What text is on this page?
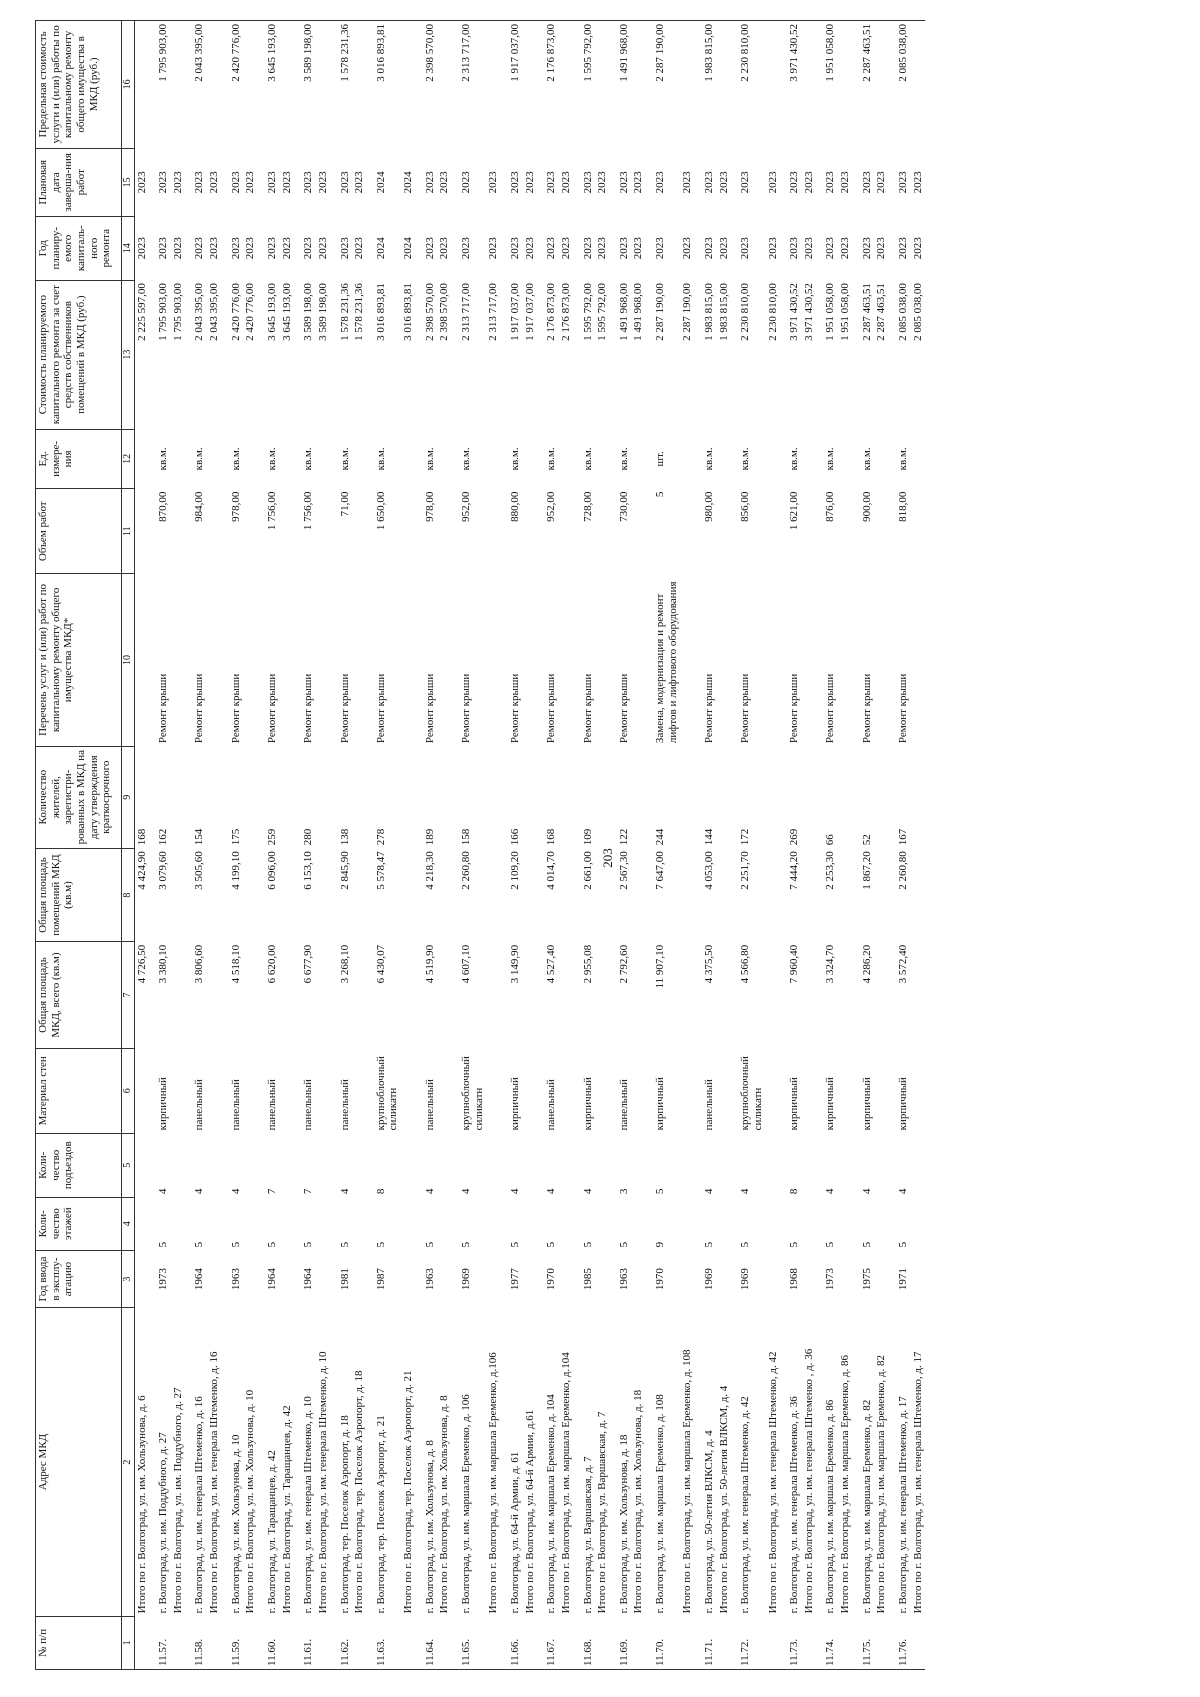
203
№ п/п	Адрес МКД	Год ввода в эксплу-атацию	Коли-чество этажей	Коли-чество подъездов	Материал стен	Общая площадь МКД, всего (кв.м)	Общая площадь помещений МКД (кв.м)	Количество жителей, зарегистри-рованных в МКД на дату утверждения краткосрочного	Перечень услуг и (или) работ по капитальному ремонту общего имущества МКД*	Объем работ	Ед. измере-ния	Стоимость планируемого капитального ремонта за счет средств собственников помещений в МКД (руб.)	Год планиру-емого капиталь-ного ремонта	Плановая дата заверша-ния работ	Предельная стоимость услуги и (или) работы по капитальному ремонту общего имущества в МКД (руб.)
1	2	3	4	5	6	7	8	9	10	11	12	13	14	15	16
	Итого по г. Волгоград, ул. им. Хользунова, д. 6					4 726,50	4 424,90	168				2 225 597,00	2023	2023	
11.57.	г. Волгоград, ул. им. Поддубного, д. 27	1973	5	4	кирпичный	3 380,10	3 079,60	162	Ремонт крыши	870,00	кв.м.	1 795 903,00	2023	2023	1 795 903,00
	Итого по г. Волгоград, ул. им. Поддубного, д. 27											1 795 903,00	2023	2023	
11.58.	г. Волгоград, ул. им. генерала Штеменко, д. 16	1964	5	4	панельный	3 806,60	3 505,60	154	Ремонт крыши	984,00	кв.м.	2 043 395,00	2023	2023	2 043 395,00
	Итого по г. Волгоград, ул. им. генерала Штеменко, д. 16											2 043 395,00	2023	2023	
11.59.	г. Волгоград, ул. им. Хользунова, д. 10	1963	5	4	панельный	4 518,10	4 199,10	175	Ремонт крыши	978,00	кв.м.	2 420 776,00	2023	2023	2 420 776,00
	Итого по г. Волгоград, ул. им. Хользунова, д. 10											2 420 776,00	2023	2023	
11.60.	г. Волгоград, ул. Таращанцев, д. 42	1964	5	7	панельный	6 620,00	6 096,00	259	Ремонт крыши	1 756,00	кв.м.	3 645 193,00	2023	2023	3 645 193,00
	Итого по г. Волгоград, ул. Таращанцев, д. 42											3 645 193,00	2023	2023	
11.61.	г. Волгоград, ул. им. генерала Штеменко, д. 10	1964	5	7	панельный	6 677,90	6 153,10	280	Ремонт крыши	1 756,00	кв.м.	3 589 198,00	2023	2023	3 589 198,00
	Итого по г. Волгоград, ул. им. генерала Штеменко, д. 10											3 589 198,00	2023	2023	
11.62.	г. Волгоград, тер. Поселок Аэропорт, д. 18	1981	5	4	панельный	3 268,10	2 845,90	138	Ремонт крыши	71,00	кв.м.	1 578 231,36	2023	2023	1 578 231,36
	Итого по г. Волгоград, тер. Поселок Аэропорт, д. 18											1 578 231,36	2023	2023	
11.63.	г. Волгоград, тер. Поселок Аэропорт, д. 21	1987	5	8	крупноблочный силикатн	6 430,07	5 578,47	278	Ремонт крыши	1 650,00	кв.м.	3 016 893,81	2024	2024	3 016 893,81
	Итого по г. Волгоград, тер. Поселок Аэропорт, д. 21											3 016 893,81	2024	2024	
11.64.	г. Волгоград, ул. им. Хользунова, д. 8	1963	5	4	панельный	4 519,90	4 218,30	189	Ремонт крыши	978,00	кв.м.	2 398 570,00	2023	2023	2 398 570,00
	Итого по г. Волгоград, ул. им. Хользунова, д. 8											2 398 570,00	2023	2023	
11.65.	г. Волгоград, ул. им. маршала Еременко, д. 106	1969	5	4	крупноблочный силикатн	4 607,10	2 260,80	158	Ремонт крыши	952,00	кв.м.	2 313 717,00	2023	2023	2 313 717,00
	Итого по г. Волгоград, ул. им. маршала Еременко, д.106											2 313 717,00	2023	2023	
11.66.	г. Волгоград, ул. 64-й Армии, д. 61	1977	5	4	кирпичный	3 149,90	2 109,20	166	Ремонт крыши	880,00	кв.м.	1 917 037,00	2023	2023	1 917 037,00
	Итого по г. Волгоград, ул. 64-й Армии, д.61											1 917 037,00	2023	2023	
11.67.	г. Волгоград, ул. им. маршала Еременко, д. 104	1970	5	4	панельный	4 527,40	4 014,70	168	Ремонт крыши	952,00	кв.м.	2 176 873,00	2023	2023	2 176 873,00
	Итого по г. Волгоград, ул. им. маршала Еременко, д.104											2 176 873,00	2023	2023	
11.68.	г. Волгоград, ул. Варшавская, д. 7	1985	5	4	кирпичный	2 955,08	2 661,00	109	Ремонт крыши	728,00	кв.м.	1 595 792,00	2023	2023	1 595 792,00
	Итого по г. Волгоград, ул. Варшавская, д. 7											1 595 792,00	2023	2023	
11.69.	г. Волгоград, ул. им. Хользунова, д. 18	1963	5	3	панельный	2 792,60	2 567,30	122	Ремонт крыши	730,00	кв.м.	1 491 968,00	2023	2023	1 491 968,00
	Итого по г. Волгоград, ул. им. Хользунова, д. 18											1 491 968,00	2023	2023	
11.70.	г. Волгоград, ул. им. маршала Еременко, д. 108	1970	9	5	кирпичный	11 907,10	7 647,00	244	Замена, модернизация и ремонт лифтов и лифтового оборудования	5	шт.	2 287 190,00	2023	2023	2 287 190,00
	Итого по г. Волгоград, ул. им. маршала Еременко, д. 108											2 287 190,00	2023	2023	
11.71.	г. Волгоград, ул. 50-летия ВЛКСМ, д. 4	1969	5	4	панельный	4 375,50	4 053,00	144	Ремонт крыши	980,00	кв.м.	1 983 815,00	2023	2023	1 983 815,00
	Итого по г. Волгоград, ул. 50-летия ВЛКСМ, д. 4											1 983 815,00	2023	2023	
11.72.	г. Волгоград, ул. им. генерала Штеменко, д. 42	1969	5	4	крупноблочный силикатн	4 566,80	2 251,70	172	Ремонт крыши	856,00	кв.м.	2 230 810,00	2023	2023	2 230 810,00
	Итого по г. Волгоград, ул. им. генерала Штеменко, д. 42											2 230 810,00	2023	2023	
11.73.	г. Волгоград, ул. им. генерала Штеменко, д. 36	1968	5	8	кирпичный	7 960,40	7 444,20	269	Ремонт крыши	1 621,00	кв.м.	3 971 430,52	2023	2023	3 971 430,52
	Итого по г. Волгоград, ул. им. генерала Штеменко , д. 36											3 971 430,52	2023	2023	
11.74.	г. Волгоград, ул. им. маршала Еременко, д. 86	1973	5	4	кирпичный	3 324,70	2 253,30	66	Ремонт крыши	876,00	кв.м.	1 951 058,00	2023	2023	1 951 058,00
	Итого по г. Волгоград, ул. им. маршала Еременко, д. 86											1 951 058,00	2023	2023	
11.75.	г. Волгоград, ул. им. маршала Еременко, д. 82	1975	5	4	кирпичный	4 286,20	1 867,20	52	Ремонт крыши	900,00	кв.м.	2 287 463,51	2023	2023	2 287 463,51
	Итого по г. Волгоград, ул. им. маршала Еременко, д. 82											2 287 463,51	2023	2023	
11.76.	г. Волгоград, ул. им. генерала Штеменко, д. 17	1971	5	4	кирпичный	3 572,40	2 260,80	167	Ремонт крыши	818,00	кв.м.	2 085 038,00	2023	2023	2 085 038,00
	Итого по г. Волгоград, ул. им. генерала Штеменко, д. 17											2 085 038,00	2023	2023	
